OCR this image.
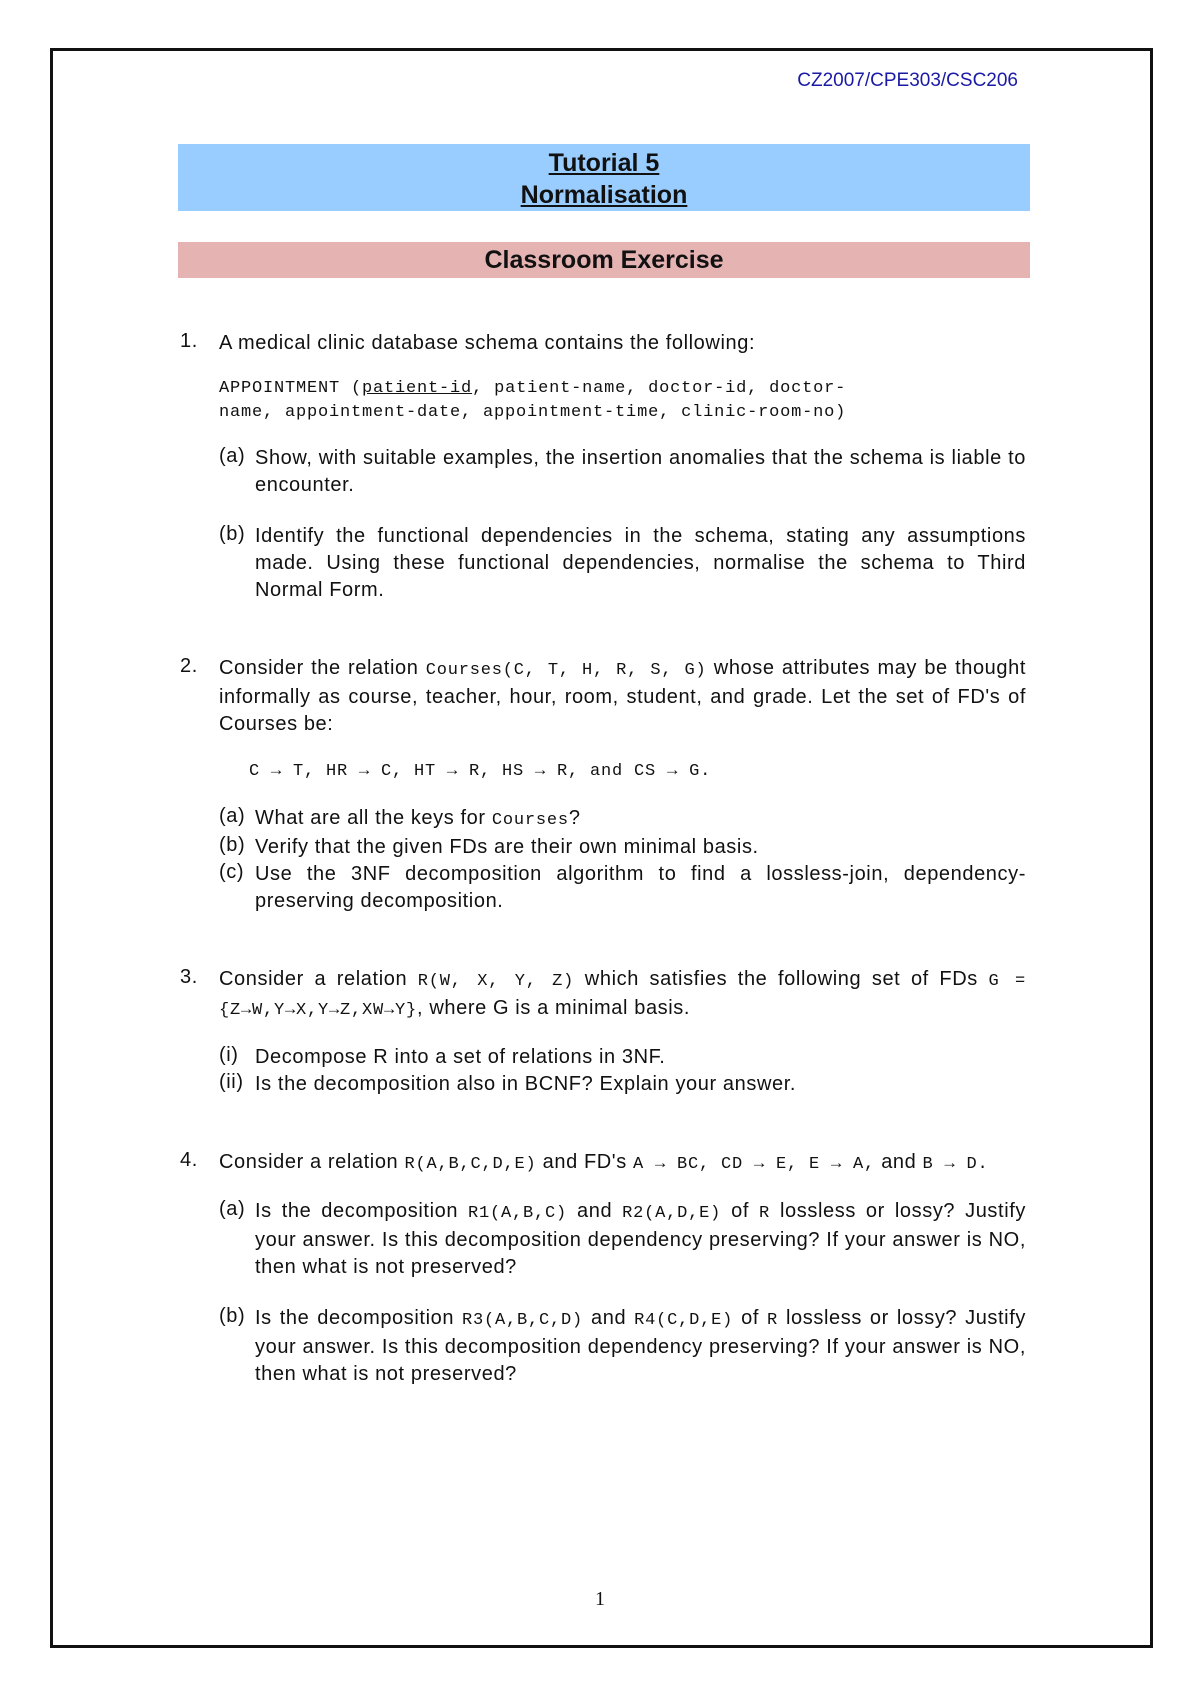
CZ2007/CPE303/CSC206
Tutorial 5
Normalisation
Classroom Exercise
1. A medical clinic database schema contains the following:

APPOINTMENT (patient-id, patient-name, doctor-id, doctor-
name, appointment-date, appointment-time, clinic-room-no)

(a) Show, with suitable examples, the insertion anomalies that the schema is liable to encounter.

(b) Identify the functional dependencies in the schema, stating any assumptions made. Using these functional dependencies, normalise the schema to Third Normal Form.

2. Consider the relation Courses(C, T, H, R, S, G) whose attributes may be thought informally as course, teacher, hour, room, student, and grade. Let the set of FD's of Courses be:

C → T, HR → C, HT → R, HS → R, and CS → G.

(a) What are all the keys for Courses?

(b) Verify that the given FDs are their own minimal basis.

(c) Use the 3NF decomposition algorithm to find a lossless-join, dependency-preserving decomposition.

3. Consider a relation R(W, X, Y, Z) which satisfies the following set of FDs G ={Z→W,Y→X,Y→Z,XW→Y}, where G is a minimal basis.

(i) Decompose R into a set of relations in 3NF.

(ii) Is the decomposition also in BCNF? Explain your answer.

4. Consider a relation R(A,B,C,D,E) and FD's A → BC, CD → E, E → A, and B → D.

(a) Is the decomposition R1(A,B,C) and R2(A,D,E) of R lossless or lossy? Justify your answer. Is this decomposition dependency preserving? If your answer is NO, then what is not preserved?

(b) Is the decomposition R3(A,B,C,D) and R4(C,D,E) of R lossless or lossy? Justify your answer. Is this decomposition dependency preserving? If your answer is NO, then what is not preserved?

1
